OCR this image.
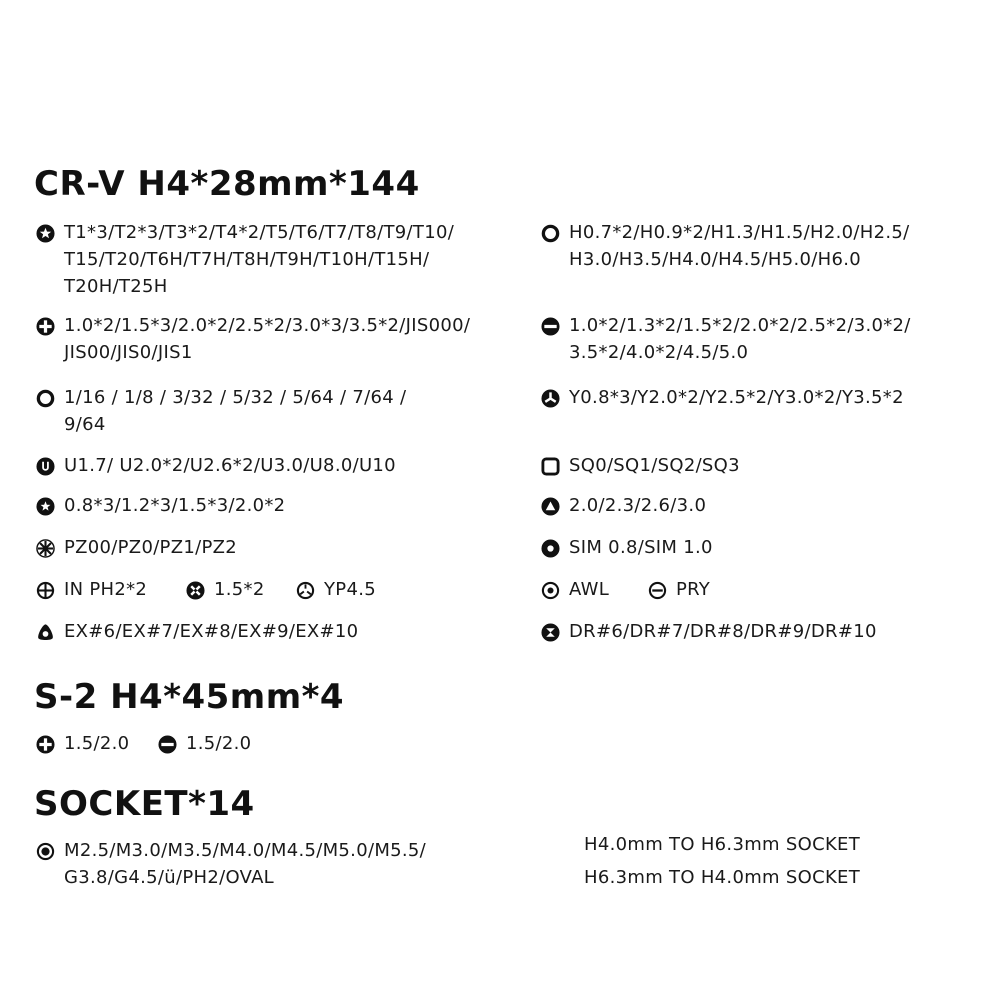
CR-V H4*28mm*144
S-2 H4*45mm*4
SOCKET*14
T1*3/T2*3/T3*2/T4*2/T5/T6/T7/T8/T9/T10/
T15/T20/T6H/T7H/T8H/T9H/T10H/T15H/
T20H/T25H
1.0*2/1.5*3/2.0*2/2.5*2/3.0*3/3.5*2/JIS000/
JIS00/JIS0/JIS1
1/16 / 1/8 / 3/32 / 5/32 / 5/64 / 7/64 /
9/64
U1.7/ U2.0*2/U2.6*2/U3.0/U8.0/U10
0.8*3/1.2*3/1.5*3/2.0*2
PZ00/PZ0/PZ1/PZ2
IN PH2*2	1.5*2	YP4.5
EX#6/EX#7/EX#8/EX#9/EX#10
H0.7*2/H0.9*2/H1.3/H1.5/H2.0/H2.5/
H3.0/H3.5/H4.0/H4.5/H5.0/H6.0
1.0*2/1.3*2/1.5*2/2.0*2/2.5*2/3.0*2/
3.5*2/4.0*2/4.5/5.0
Y0.8*3/Y2.0*2/Y2.5*2/Y3.0*2/Y3.5*2
SQ0/SQ1/SQ2/SQ3
2.0/2.3/2.6/3.0
SIM 0.8/SIM 1.0
AWL	PRY
DR#6/DR#7/DR#8/DR#9/DR#10
1.5/2.0	1.5/2.0
M2.5/M3.0/M3.5/M4.0/M4.5/M5.0/M5.5/
G3.8/G4.5/ü/PH2/OVAL
H4.0mm TO H6.3mm SOCKET
H6.3mm TO H4.0mm SOCKET
